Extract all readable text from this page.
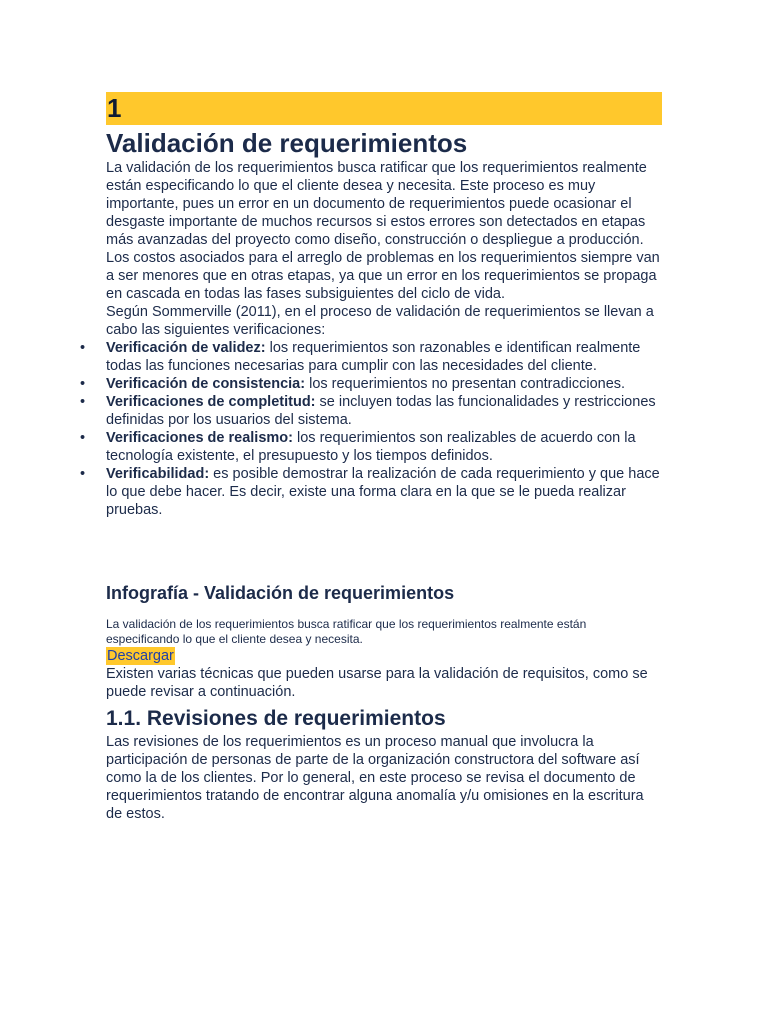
1
Validación de requerimientos

La validación de los requerimientos busca ratificar que los requerimientos realmente están especificando lo que el cliente desea y necesita. Este proceso es muy importante, pues un error en un documento de requerimientos puede ocasionar el desgaste importante de muchos recursos si estos errores son detectados en etapas más avanzadas del proyecto como diseño, construcción o despliegue a producción. Los costos asociados para el arreglo de problemas en los requerimientos siempre van a ser menores que en otras etapas, ya que un error en los requerimientos se propaga en cascada en todas las fases subsiguientes del ciclo de vida.

Según Sommerville (2011), en el proceso de validación de requerimientos se llevan a cabo las siguientes verificaciones:

• Verificación de validez: los requerimientos son razonables e identifican realmente todas las funciones necesarias para cumplir con las necesidades del cliente.
• Verificación de consistencia: los requerimientos no presentan contradicciones.
• Verificaciones de completitud: se incluyen todas las funcionalidades y restricciones definidas por los usuarios del sistema.
• Verificaciones de realismo: los requerimientos son realizables de acuerdo con la tecnología existente, el presupuesto y los tiempos definidos.
• Verificabilidad: es posible demostrar la realización de cada requerimiento y que hace lo que debe hacer. Es decir, existe una forma clara en la que se le pueda realizar pruebas.
Infografía - Validación de requerimientos

La validación de los requerimientos busca ratificar que los requerimientos realmente están especificando lo que el cliente desea y necesita.

Descargar

Existen varias técnicas que pueden usarse para la validación de requisitos, como se puede revisar a continuación.

1.1. Revisiones de requerimientos

Las revisiones de los requerimientos es un proceso manual que involucra la participación de personas de parte de la organización constructora del software así como la de los clientes. Por lo general, en este proceso se revisa el documento de requerimientos tratando de encontrar alguna anomalía y/u omisiones en la escritura de estos.
